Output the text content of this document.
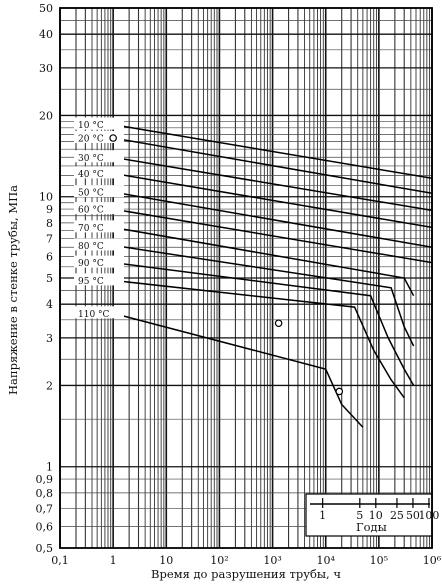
10 °C
20 °C
30 °C
40 °C
50 °C
60 °C
70 °C
80 °C
90 °C
95 °C
110 °C
1	5 10 25 50
100
Годы
0,5
0,6
0,7
0,8
0,9
1
2
3
4
5
6
7
8
9
10
20
30
40
50
0,1	1	10	10²	10³	10⁴	10⁵	10⁶
Напряжение в стенке трубы, МПа
Время до разрушения трубы, ч
